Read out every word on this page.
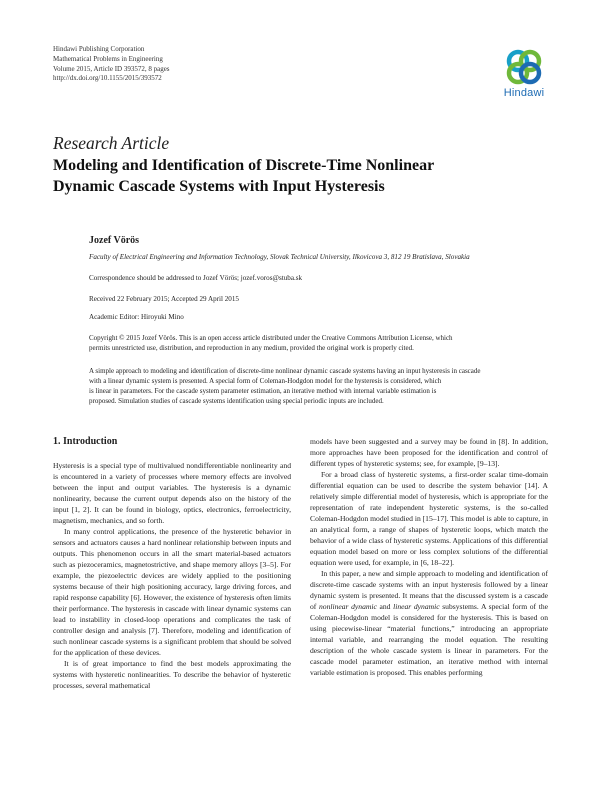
Hindawi Publishing Corporation
Mathematical Problems in Engineering
Volume 2015, Article ID 393572, 8 pages
http://dx.doi.org/10.1155/2015/393572
Hindawi
Research Article
Modeling and Identification of Discrete-Time Nonlinear
Dynamic Cascade Systems with Input Hysteresis
Jozef Vörös
Faculty of Electrical Engineering and Information Technology, Slovak Technical University, Ilkovicova 3, 812 19 Bratislava, Slovakia
Correspondence should be addressed to Jozef Vörös; jozef.voros@stuba.sk
Received 22 February 2015; Accepted 29 April 2015
Academic Editor: Hiroyuki Mino
Copyright © 2015 Jozef Vörös. This is an open access article distributed under the Creative Commons Attribution License, which
permits unrestricted use, distribution, and reproduction in any medium, provided the original work is properly cited.
A simple approach to modeling and identification of discrete-time nonlinear dynamic cascade systems having an input hysteresis in cascade
with a linear dynamic system is presented. A special form of Coleman-Hodgdon model for the hysteresis is considered, which
is linear in parameters. For the cascade system parameter estimation, an iterative method with internal variable estimation is
proposed. Simulation studies of cascade systems identification using special periodic inputs are included.
1. Introduction

Hysteresis is a special type of multivalued nondifferentiable nonlinearity and is encountered in a variety of processes where memory effects are involved between the input and output variables. The hysteresis is a dynamic nonlinearity, because the current output depends also on the history of the input [1, 2]. It can be found in biology, optics, electronics, ferroelectricity, magnetism, mechanics, and so forth.

In many control applications, the presence of the hysteretic behavior in sensors and actuators causes a hard nonlinear relationship between inputs and outputs. This phenomenon occurs in all the smart material-based actuators such as piezoceramics, magnetostrictive, and shape memory alloys [3–5]. For example, the piezoelectric devices are widely applied to the positioning systems because of their high positioning accuracy, large driving forces, and rapid response capability [6]. However, the existence of hysteresis often limits their performance. The hysteresis in cascade with linear dynamic systems can lead to instability in closed-loop operations and complicates the task of controller design and analysis [7]. Therefore, modeling and identification of such nonlinear cascade systems is a significant problem that should be solved for the application of these devices.

It is of great importance to find the best models approximating the systems with hysteretic nonlinearities. To describe the behavior of hysteretic processes, several mathematical

models have been suggested and a survey may be found in [8]. In addition, more approaches have been proposed for the identification and control of different types of hysteretic systems; see, for example, [9–13].

For a broad class of hysteretic systems, a first-order scalar time-domain differential equation can be used to describe the system behavior [14]. A relatively simple differential model of hysteresis, which is appropriate for the representation of rate independent hysteretic systems, is the so-called Coleman-Hodgdon model studied in [15–17]. This model is able to capture, in an analytical form, a range of shapes of hysteretic loops, which match the behavior of a wide class of hysteretic systems. Applications of this differential equation model based on more or less complex solutions of the differential equation were used, for example, in [6, 18–22].

In this paper, a new and simple approach to modeling and identification of discrete-time cascade systems with an input hysteresis followed by a linear dynamic system is presented. It means that the discussed system is a cascade of nonlinear dynamic and linear dynamic subsystems. A special form of the Coleman-Hodgdon model is considered for the hysteresis. This is based on using piecewise-linear “material functions,” introducing an appropriate internal variable, and rearranging the model equation. The resulting description of the whole cascade system is linear in parameters. For the cascade model parameter estimation, an iterative method with internal variable estimation is proposed. This enables performing
